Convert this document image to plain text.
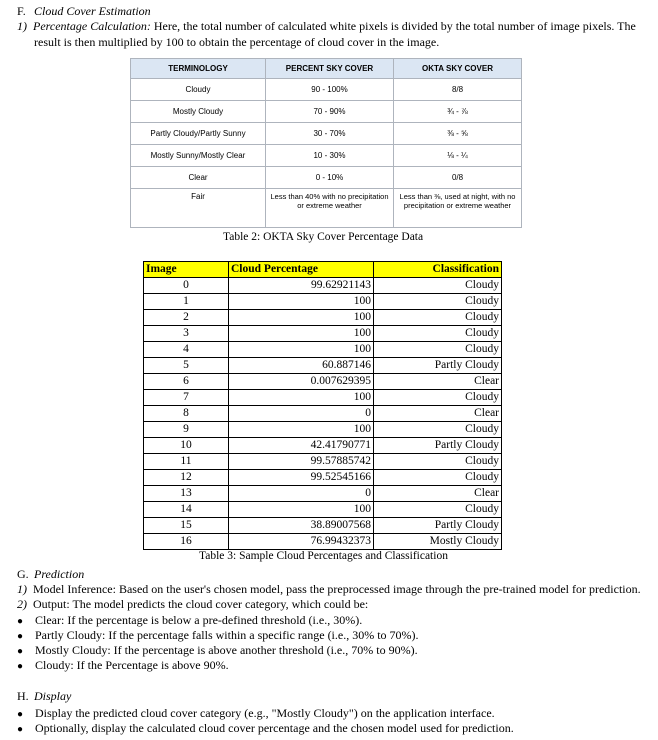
F. Cloud Cover Estimation
1) Percentage Calculation: Here, the total number of calculated white pixels is divided by the total number of image pixels. The
result is then multiplied by 100 to obtain the percentage of cloud cover in the image.
TERMINOLOGY	PERCENT SKY COVER	OKTA SKY COVER
Cloudy	90 - 100%	8/8
Mostly Cloudy	70 - 90%	¾ - ⅞
Partly Cloudy/Partly Sunny	30 - 70%	⅜ - ⅝
Mostly Sunny/Mostly Clear	10 - 30%	⅛ - ¼
Clear	0 - 10%	0/8
Fair	Less than 40% with no precipitation or extreme weather	Less than ⅜, used at night, with no precipitation or extreme weather
Table 2: OKTA Sky Cover Percentage Data
Image	Cloud Percentage	Classification
0	99.62921143	Cloudy
1	100	Cloudy
2	100	Cloudy
3	100	Cloudy
4	100	Cloudy
5	60.887146	Partly Cloudy
6	0.007629395	Clear
7	100	Cloudy
8	0	Clear
9	100	Cloudy
10	42.41790771	Partly Cloudy
11	99.57885742	Cloudy
12	99.52545166	Cloudy
13	0	Clear
14	100	Cloudy
15	38.89007568	Partly Cloudy
16	76.99432373	Mostly Cloudy
Table 3: Sample Cloud Percentages and Classification
G. Prediction
1) Model Inference: Based on the user's chosen model, pass the preprocessed image through the pre-trained model for prediction.
2) Output: The model predicts the cloud cover category, which could be:
● Clear: If the percentage is below a pre-defined threshold (i.e., 30%).
● Partly Cloudy: If the percentage falls within a specific range (i.e., 30% to 70%).
● Mostly Cloudy: If the percentage is above another threshold (i.e., 70% to 90%).
● Cloudy: If the Percentage is above 90%.
H. Display
● Display the predicted cloud cover category (e.g., "Mostly Cloudy") on the application interface.
● Optionally, display the calculated cloud cover percentage and the chosen model used for prediction.
